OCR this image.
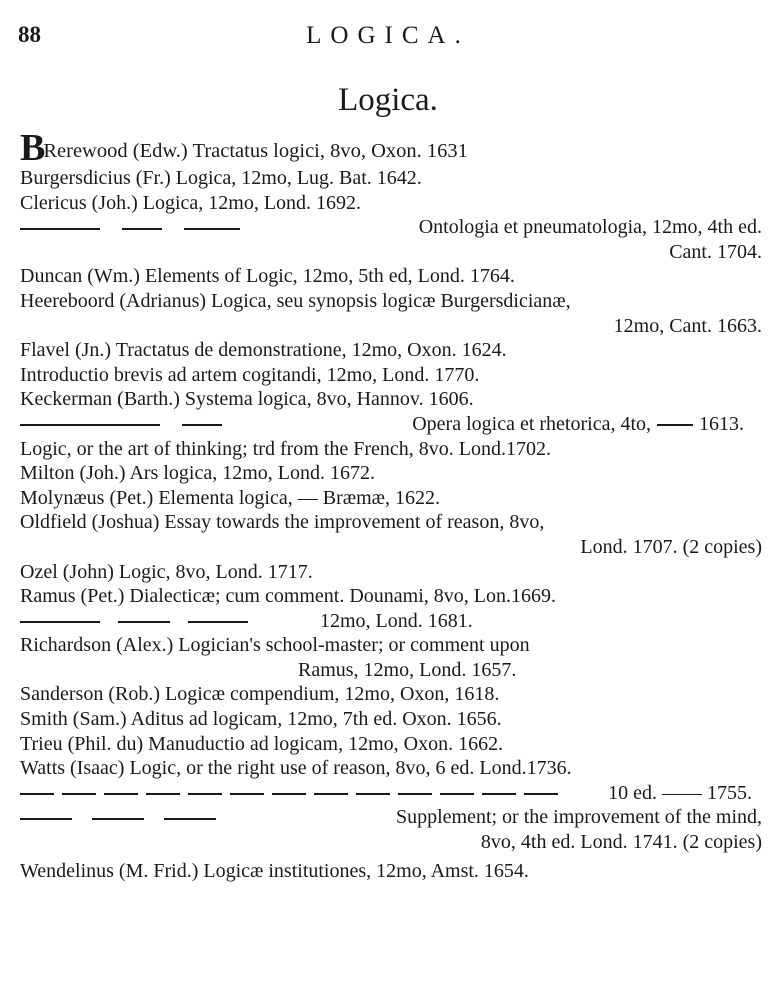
88	LOGICA.
Logica.
BRerewood (Edw.) Tractatus logici, 8vo, Oxon. 1631
Burgersdicius (Fr.) Logica, 12mo, Lug. Bat. 1642.
Clericus (Joh.) Logica, 12mo, Lond. 1692.
Ontologia et pneumatologia, 12mo, 4th ed.
Cant. 1704.
Duncan (Wm.) Elements of Logic, 12mo, 5th ed, Lond. 1764.
Heereboord (Adrianus) Logica, seu synopsis logicæ Burgersdicianæ,
12mo, Cant. 1663.
Flavel (Jn.) Tractatus de demonstratione, 12mo, Oxon. 1624.
Introductio brevis ad artem cogitandi, 12mo, Lond. 1770.
Keckerman (Barth.) Systema logica, 8vo, Hannov. 1606.
Opera logica et rhetorica, 4to, 1613.
Logic, or the art of thinking; trd from the French, 8vo. Lond.1702.
Milton (Joh.) Ars logica, 12mo, Lond. 1672.
Molynæus (Pet.) Elementa logica, — Bræmæ, 1622.
Oldfield (Joshua) Essay towards the improvement of reason, 8vo,
Lond. 1707. (2 copies)
Ozel (John) Logic, 8vo, Lond. 1717.
Ramus (Pet.) Dialecticæ; cum comment. Dounami, 8vo, Lon.1669.
12mo, Lond. 1681.
Richardson (Alex.) Logician's school-master; or comment upon
Ramus, 12mo, Lond. 1657.
Sanderson (Rob.) Logicæ compendium, 12mo, Oxon, 1618.
Smith (Sam.) Aditus ad logicam, 12mo, 7th ed. Oxon. 1656.
Trieu (Phil. du) Manuductio ad logicam, 12mo, Oxon. 1662.
Watts (Isaac) Logic, or the right use of reason, 8vo, 6 ed. Lond.1736.
10 ed. —— 1755.
Supplement; or the improvement of the mind,
8vo, 4th ed. Lond. 1741. (2 copies)
Wendelinus (M. Frid.) Logicæ institutiones, 12mo, Amst. 1654.
